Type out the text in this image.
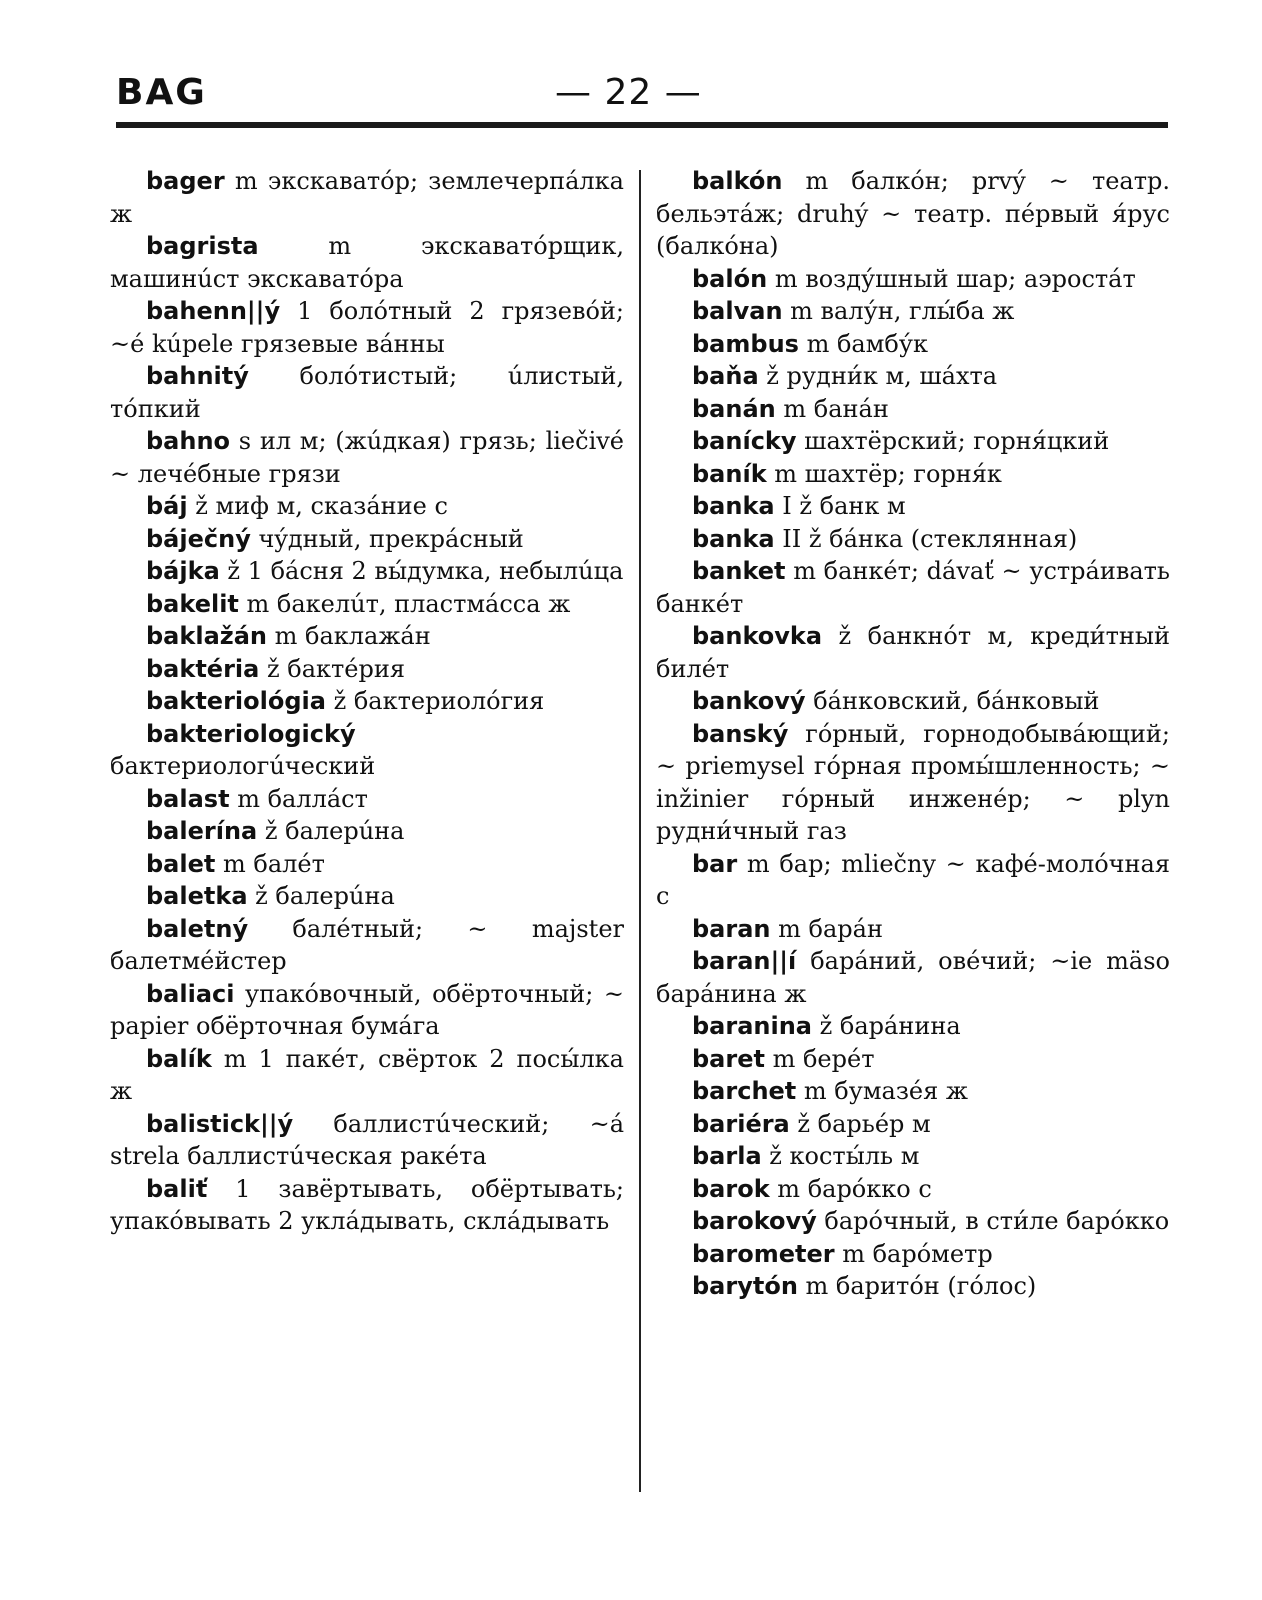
BAG	— 22 —

bager m экскаватóр; землечерпáлка ж

bagrista m экскаватóрщик, машинúст экскаватóра

bahenn||ý 1 болóтный 2 грязевóй; ~é kúpele грязевые вáнны

bahnitý болóтистый; úлистый, тóпкий

bahno s ил м; (жúдкая) грязь; liečivé ~ лечéбные грязи

báj ž миф м, сказáние с

báječný чýдный, прекрáсный

bájka ž 1 бáсня 2 вы́думка, небылúца

bakelit m бакелúт, пластмáсса ж

baklažán m баклажáн

baktéria ž бактéрия

bakteriológia ž бактериолóгия

bakteriologický бактериологúческий

balast m баллáст

balerína ž балерúна

balet m балéт

baletka ž балерúна

baletný балéтный; ~ majster балетмéйстер

baliaci упакóвочный, обёрточный; ~ papier обёрточная бумáга

balík m 1 пакéт, свёрток 2 посы́лка ж

balistick||ý баллистúческий; ~á strela баллистúческая ракéта

baliť 1 завёртывать, обёртывать; упакóвывать 2 уклáдывать, склáдывать

balkón m балкóн; prvý ~ театр. бельэтáж; druhý ~ театр. пéрвый я́рус (балкóна)

balón m возду́шный шар; аэростáт

balvan m валу́н, глы́ба ж

bambus m бамбу́к

baňa ž рудни́к м, шáхта

banán m банáн

banícky шахтёрский; горня́цкий

baník m шахтёр; горня́к

banka I ž банк м

banka II ž бáнка (стеклянная)

banket m банкéт; dávať ~ устрáивать банкéт

bankovka ž банкнóт м, креди́тный билéт

bankový бáнковский, бáнковый

banský гóрный, горнодобывáющий; ~ priemysel гóрная промы́шленность; ~ inžinier гóрный инженéр; ~ plyn рудни́чный газ

bar m бар; mliečny ~ кафé-молóчная с

baran m барáн

baran||í барáний, овéчий; ~ie mäso барáнина ж

baranina ž барáнина

baret m берéт

barchet m бумазéя ж

bariéra ž барьéр м

barla ž косты́ль м

barok m барóкко с

barokový барóчный, в сти́ле барóкко

barometer m барóметр

barytón m баритóн (гóлос)
